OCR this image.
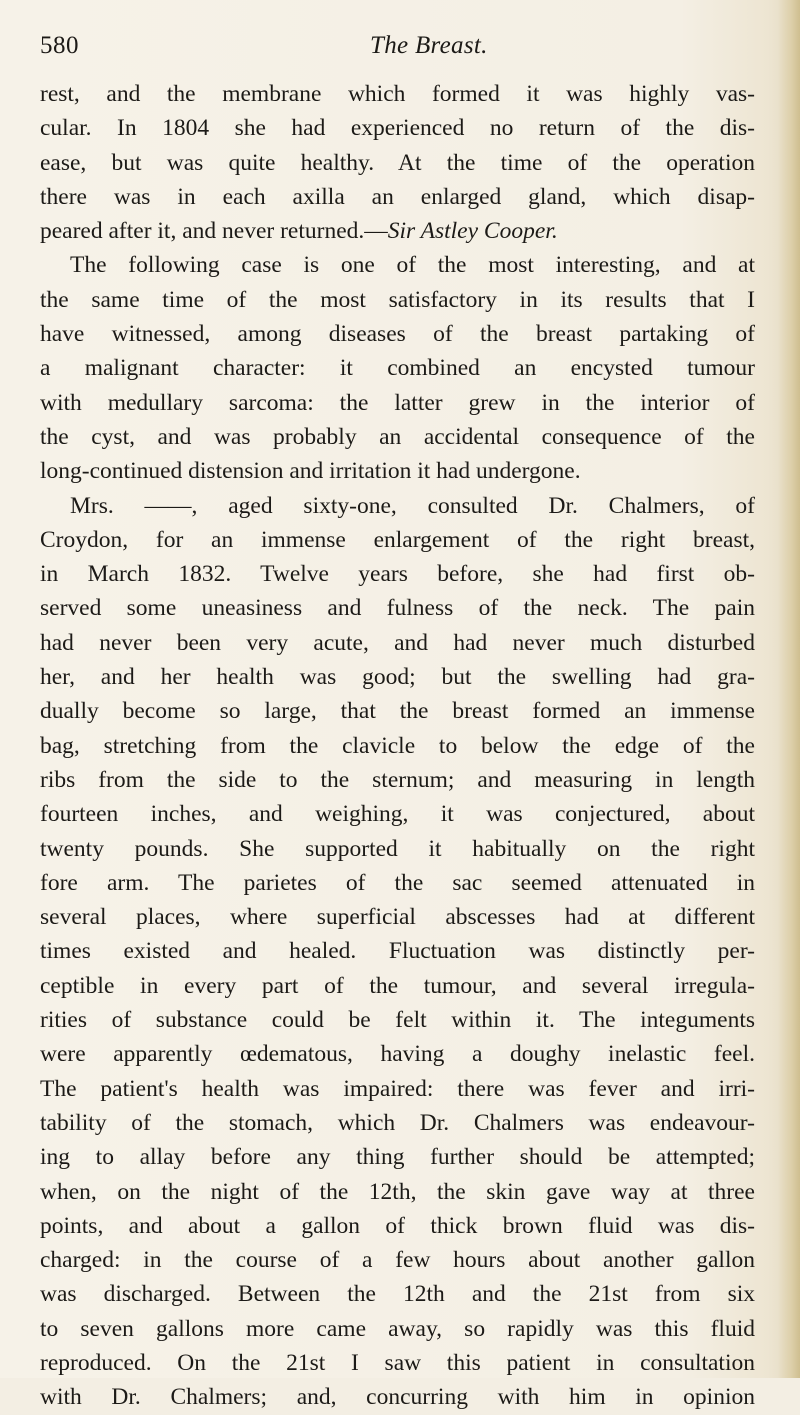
580	The Breast.
rest, and the membrane which formed it was highly vas-
cular. In 1804 she had experienced no return of the dis-
ease, but was quite healthy. At the time of the operation
there was in each axilla an enlarged gland, which disap-
peared after it, and never returned.—Sir Astley Cooper.
The following case is one of the most interesting, and at
the same time of the most satisfactory in its results that I
have witnessed, among diseases of the breast partaking of
a malignant character: it combined an encysted tumour
with medullary sarcoma: the latter grew in the interior of
the cyst, and was probably an accidental consequence of the
long-continued distension and irritation it had undergone.
Mrs. ——, aged sixty-one, consulted Dr. Chalmers, of
Croydon, for an immense enlargement of the right breast,
in March 1832. Twelve years before, she had first ob-
served some uneasiness and fulness of the neck. The pain
had never been very acute, and had never much disturbed
her, and her health was good; but the swelling had gra-
dually become so large, that the breast formed an immense
bag, stretching from the clavicle to below the edge of the
ribs from the side to the sternum; and measuring in length
fourteen inches, and weighing, it was conjectured, about
twenty pounds. She supported it habitually on the right
fore arm. The parietes of the sac seemed attenuated in
several places, where superficial abscesses had at different
times existed and healed. Fluctuation was distinctly per-
ceptible in every part of the tumour, and several irregula-
rities of substance could be felt within it. The integuments
were apparently œdematous, having a doughy inelastic feel.
The patient's health was impaired: there was fever and irri-
tability of the stomach, which Dr. Chalmers was endeavour-
ing to allay before any thing further should be attempted;
when, on the night of the 12th, the skin gave way at three
points, and about a gallon of thick brown fluid was dis-
charged: in the course of a few hours about another gallon
was discharged. Between the 12th and the 21st from six
to seven gallons more came away, so rapidly was this fluid
reproduced. On the 21st I saw this patient in consultation
with Dr. Chalmers; and, concurring with him in opinion
